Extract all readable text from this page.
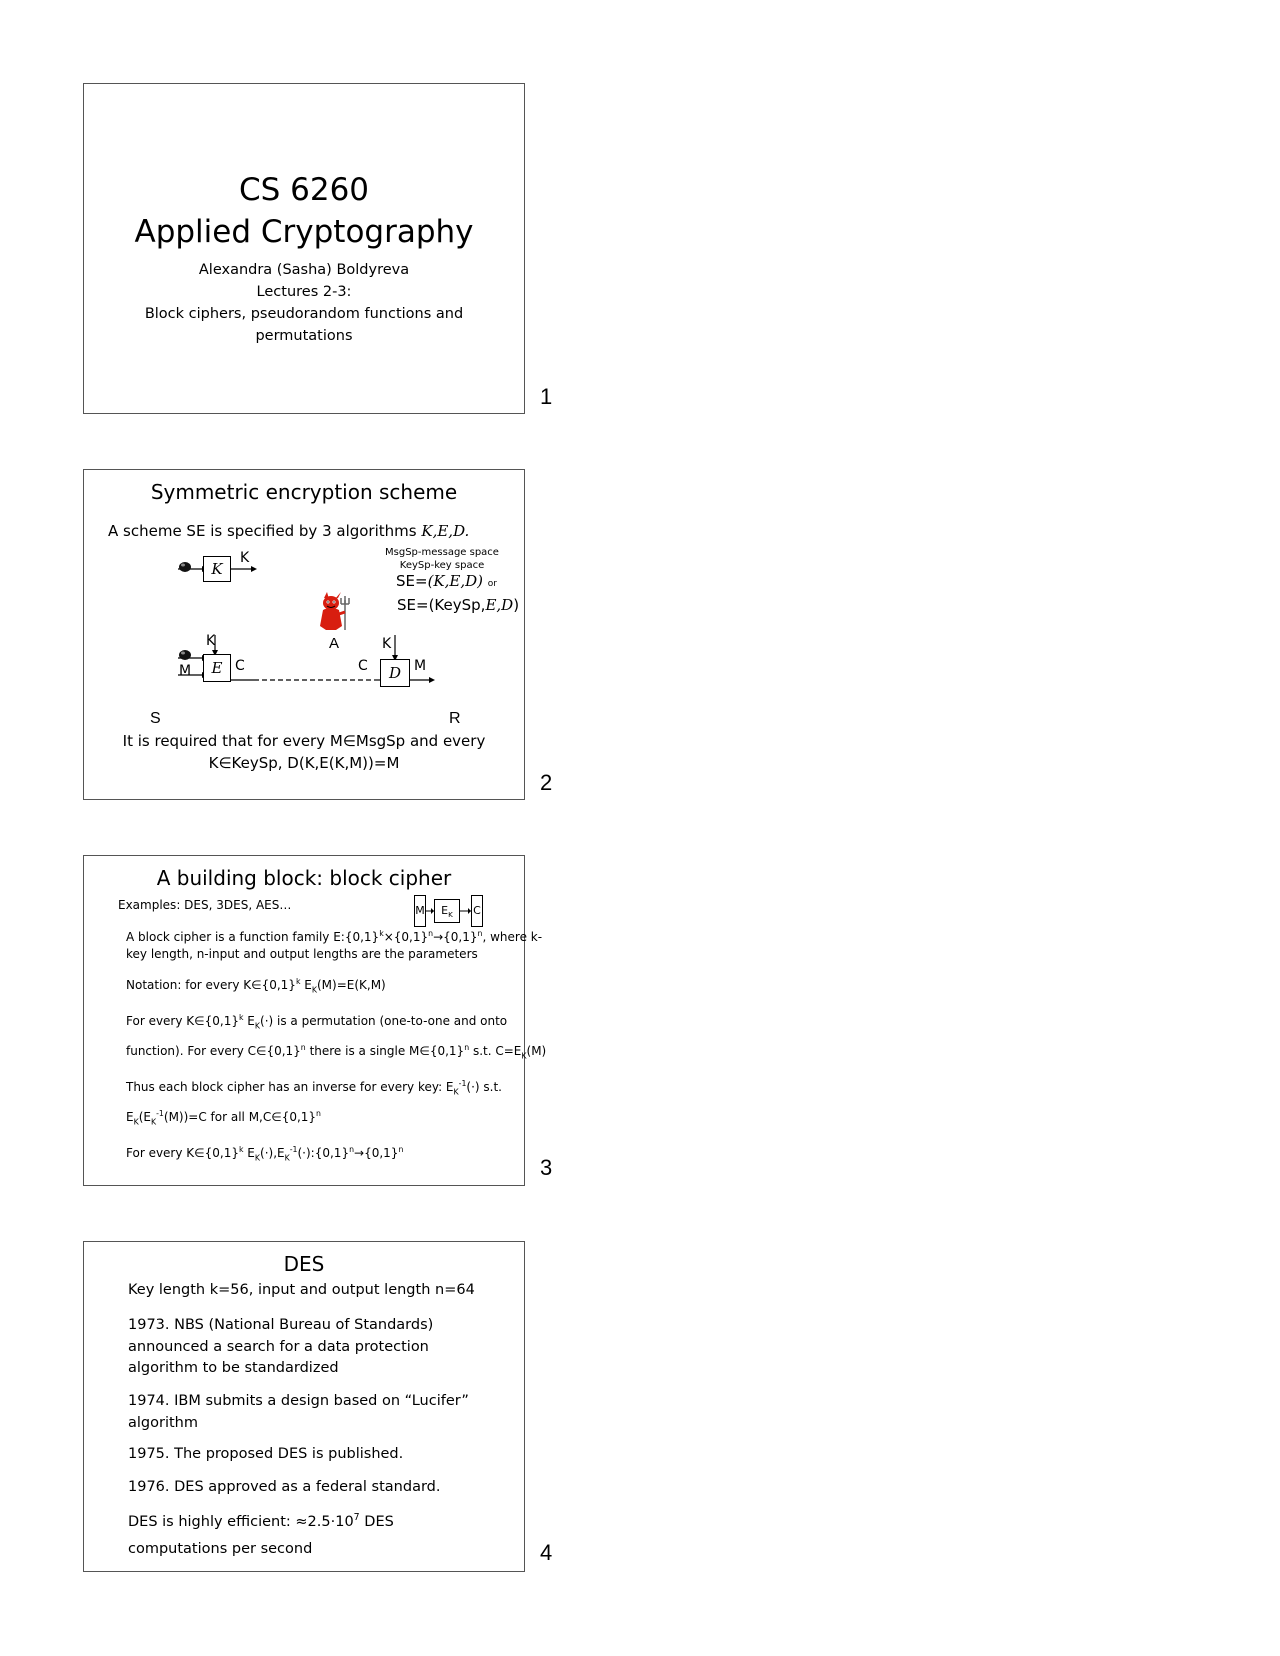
CS 6260
Applied Cryptography
Alexandra (Sasha) Boldyreva
Lectures 2-3:
Block ciphers, pseudorandom functions and
permutations
1
Symmetric encryption scheme
A scheme SE is specified by 3 algorithms K,E,D.
MsgSp-message space
KeySp-key space
SE=(K,E,D) or
SE=(KeySp,E,D)
K
E	D
K
K	K
M	C	C	M
A
S	R
It is required that for every M∈MsgSp and every
K∈KeySp, D(K,E(K,M))=M
2
A building block: block cipher
Examples: DES, 3DES, AES…	M	$E_K$	C
A block cipher is a function family $E:\{0,1\}^k\times\{0,1\}^n\to\{0,1\}^n$, where k-
key length, n-input and output lengths are the parameters
Notation: for every $K\in\{0,1\}^k$ $E_K(M)=E(K,M)$
For every $K\in\{0,1\}^k$ $E_K(\cdot)$ is a permutation (one-to-one and onto
function). For every $C\in\{0,1\}^n$ there is a single $M\in\{0,1\}^n$ s.t. $C=E_K(M)$
Thus each block cipher has an inverse for every key: $E_K^{-1}(\cdot)$ s.t.
$E_K(E_K^{-1}(M))=C$ for all $M,C\in\{0,1\}^n$
For every $K\in\{0,1\}^k$ $E_K(\cdot),E_K^{-1}(\cdot):\{0,1\}^n\to\{0,1\}^n$
3
DES
Key length k=56, input and output length n=64
1973. NBS (National Bureau of Standards) announced a search for a data protection algorithm to be standardized
1974. IBM submits a design based on “Lucifer” algorithm
1975. The proposed DES is published.
1976. DES approved as a federal standard.
DES is highly efficient: $\approx 2.5\cdot 10^7$ DES
computations per second	4
